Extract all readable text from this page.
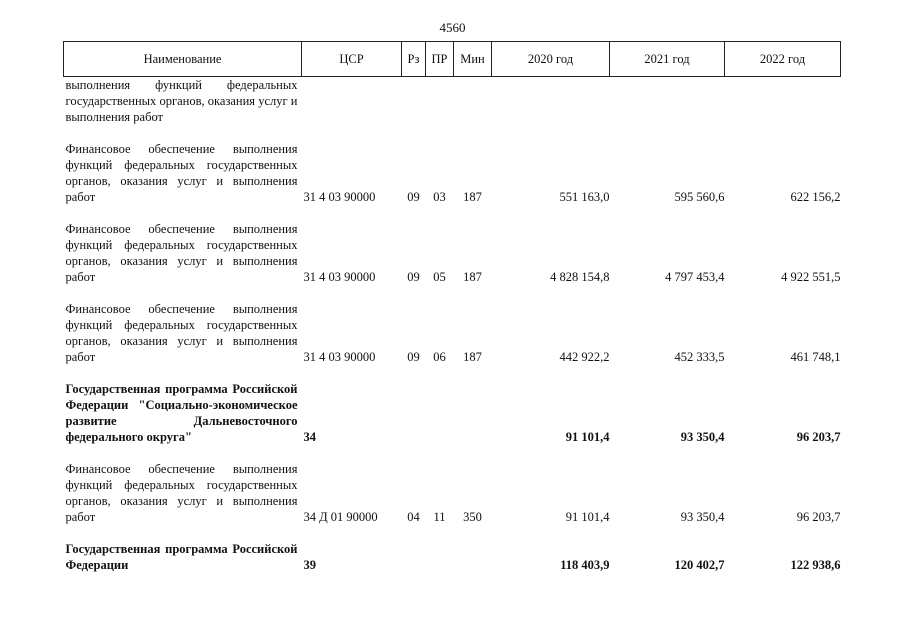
4560
Наименование	ЦСР	Рз	ПР	Мин	2020 год	2021 год	2022 год
выполнения функций федеральных государственных органов, оказания услуг и выполнения работ							

Финансовое обеспечение выполнения функций федеральных государственных органов, оказания услуг и выполнения работ	31 4 03 90000	09	03	187	551 163,0	595 560,6	622 156,2

Финансовое обеспечение выполнения функций федеральных государственных органов, оказания услуг и выполнения работ	31 4 03 90000	09	05	187	4 828 154,8	4 797 453,4	4 922 551,5

Финансовое обеспечение выполнения функций федеральных государственных органов, оказания услуг и выполнения работ	31 4 03 90000	09	06	187	442 922,2	452 333,5	461 748,1

Государственная программа Российской Федерации "Социально-экономическое развитие Дальневосточного федерального округа"	34				91 101,4	93 350,4	96 203,7

Финансовое обеспечение выполнения функций федеральных государственных органов, оказания услуг и выполнения работ	34 Д 01 90000	04	11	350	91 101,4	93 350,4	96 203,7

Государственная программа Российской Федерации	39				118 403,9	120 402,7	122 938,6
